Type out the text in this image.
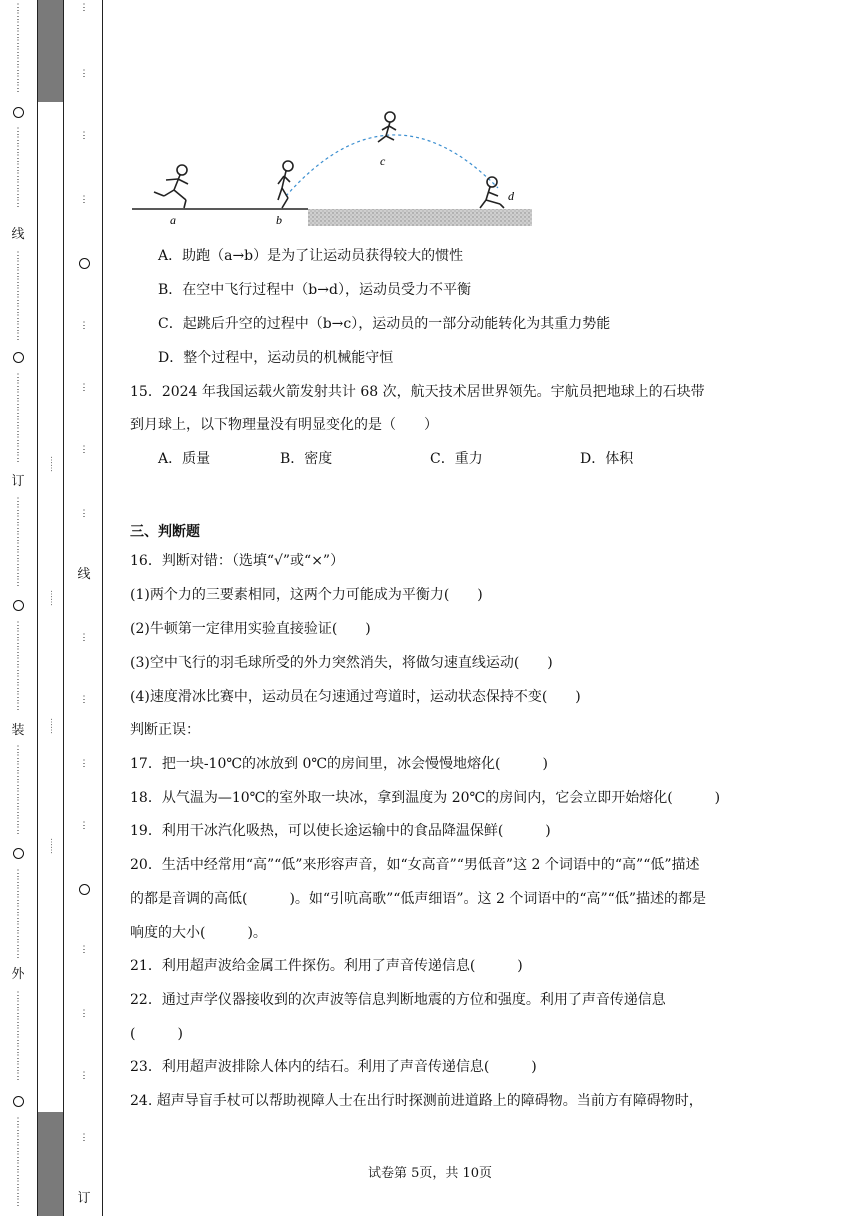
⋮
⋮
⋮
⋮
⋮
⋮
⋮
⋮
⋮
⋮
⋮
⋮
⋮
⋮
⋮
⋮
⋮
⋮
⋮
线
⋮
⋮
⋮
⋮
⋮
⋮
⋮
⋮
⋮
⋮
⋮
⋮
⋮
⋮
⋮
⋮
⋮
⋮
⋮
⋮
订
⋮
⋮
⋮
⋮
⋮
⋮
⋮
⋮
⋮
⋮
⋮
⋮
⋮
⋮
⋮
⋮
⋮
⋮
⋮
⋮
装
⋮
⋮
⋮
⋮
⋮
⋮
⋮
⋮
⋮
⋮
⋮
⋮
⋮
⋮
⋮
⋮
⋮
⋮
⋮
⋮
外
⋮
⋮
⋮
⋮
⋮
⋮
⋮
⋮
⋮
⋮
⋮
⋮
⋮
⋮
⋮
⋮
⋮
⋮
⋮
⋮
……
……
……
……
⋮
⋮
⋮
⋮
⋮
⋮
⋮
⋮
线
⋮
⋮
⋮
⋮
⋮
⋮
⋮
⋮
订
a	b
c
d
A．助跑（a→b）是为了让运动员获得较大的惯性
B．在空中飞行过程中（b→d），运动员受力不平衡
C．起跳后升空的过程中（b→c），运动员的一部分动能转化为其重力势能
D．整个过程中，运动员的机械能守恒
15．2024 年我国运载火箭发射共计 68 次，航天技术居世界领先。宇航员把地球上的石块带
到月球上，以下物理量没有明显变化的是（　　）
A．质量	B．密度	C．重力	D．体积
三、判断题
16．判断对错：（选填“√”或“×”）
(1)两个力的三要素相同，这两个力可能成为平衡力(　　)
(2)牛顿第一定律用实验直接验证(　　)
(3)空中飞行的羽毛球所受的外力突然消失，将做匀速直线运动(　　)
(4)速度滑冰比赛中，运动员在匀速通过弯道时，运动状态保持不变(　　)
判断正误：
17．把一块-10℃的冰放到 0℃的房间里，冰会慢慢地熔化(　　　)
18．从气温为—10℃的室外取一块冰，拿到温度为 20℃的房间内，它会立即开始熔化(　　　)
19．利用干冰汽化吸热，可以使长途运输中的食品降温保鲜(　　　)
20．生活中经常用“高”“低”来形容声音，如“女高音”“男低音”这 2 个词语中的“高”“低”描述
的都是音调的高低(　　　)。如“引吭高歌”“低声细语”。这 2 个词语中的“高”“低”描述的都是
响度的大小(　　　)。
21．利用超声波给金属工件探伤。利用了声音传递信息(　　　)
22．通过声学仪器接收到的次声波等信息判断地震的方位和强度。利用了声音传递信息
(　　　)
23．利用超声波排除人体内的结石。利用了声音传递信息(　　　)
24. 超声导盲手杖可以帮助视障人士在出行时探测前进道路上的障碍物。当前方有障碍物时，
试卷第 5页，共 10页
